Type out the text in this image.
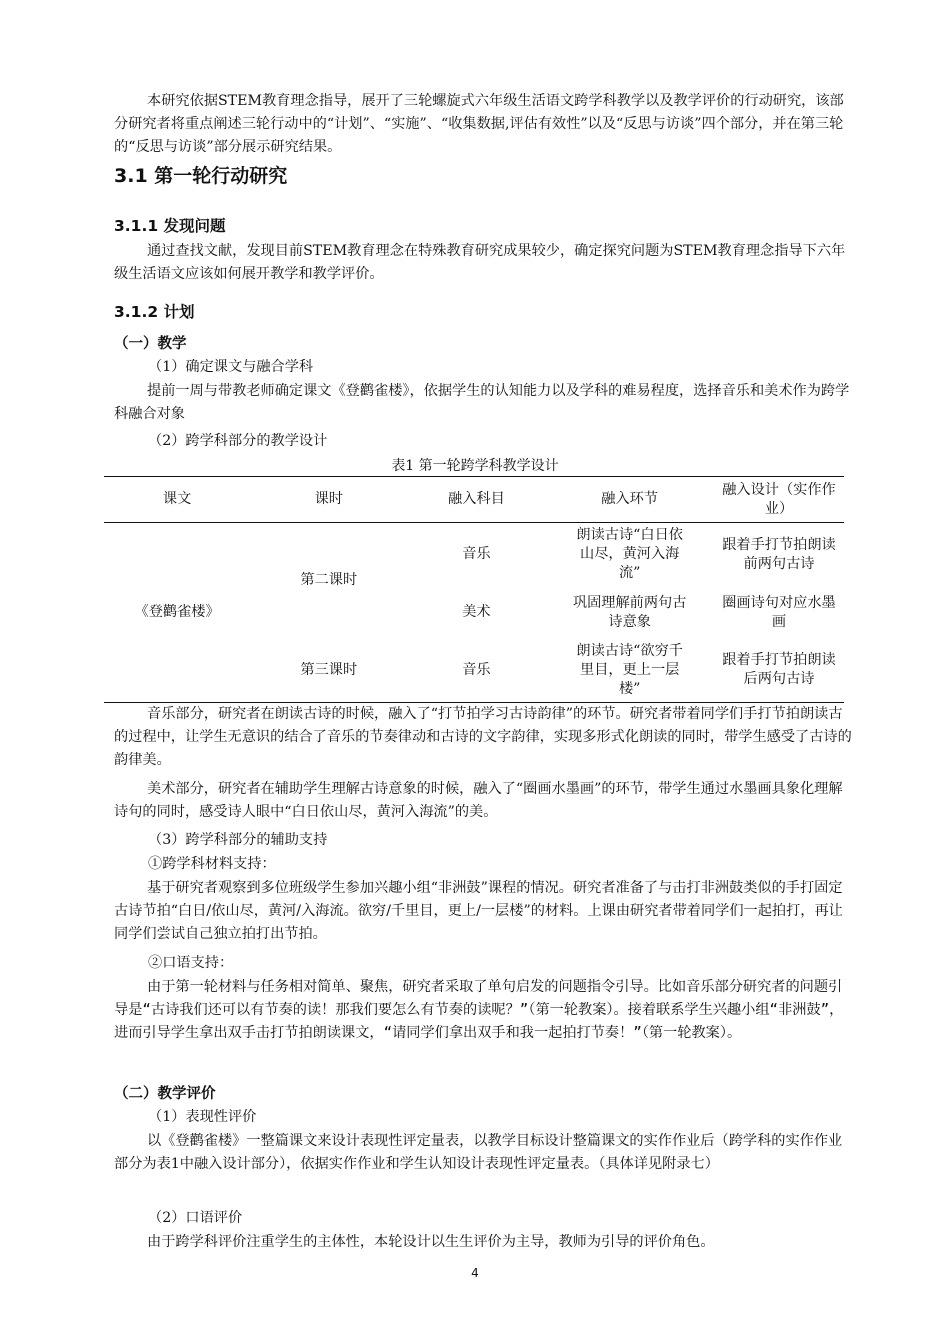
本研究依据STEM教育理念指导，展开了三轮螺旋式六年级生活语文跨学科教学以及教学评价的行动研究，该部分研究者将重点阐述三轮行动中的“计划”、“实施”、“收集数据,评估有效性”以及“反思与访谈”四个部分，并在第三轮的“反思与访谈”部分展示研究结果。

3.1 第一轮行动研究
3.1.1 发现问题

通过查找文献，发现目前STEM教育理念在特殊教育研究成果较少，确定探究问题为STEM教育理念指导下六年级生活语文应该如何展开教学和教学评价。

3.1.2 计划
（一）教学

（1）确定课文与融合学科

提前一周与带教老师确定课文《登鹳雀楼》，依据学生的认知能力以及学科的难易程度，选择音乐和美术作为跨学科融合对象

（2）跨学科部分的教学设计

表1 第一轮跨学科教学设计

课文	课时	融入科目	融入环节	融入设计（实作作业）
《登鹳雀楼》	第二课时	音乐	朗读古诗“白日依山尽，黄河入海流”	跟着手打节拍朗读前两句古诗
		美术	巩固理解前两句古诗意象	圈画诗句对应水墨画
	第三课时	音乐	朗读古诗“欲穷千里目，更上一层楼”	跟着手打节拍朗读后两句古诗

音乐部分，研究者在朗读古诗的时候，融入了“打节拍学习古诗韵律”的环节。研究者带着同学们手打节拍朗读古的过程中，让学生无意识的结合了音乐的节奏律动和古诗的文字韵律，实现多形式化朗读的同时，带学生感受了古诗的韵律美。

美术部分，研究者在辅助学生理解古诗意象的时候，融入了“圈画水墨画”的环节，带学生通过水墨画具象化理解诗句的同时，感受诗人眼中“白日依山尽，黄河入海流”的美。

（3）跨学科部分的辅助支持

①跨学科材料支持：

基于研究者观察到多位班级学生参加兴趣小组“非洲鼓”课程的情况。研究者准备了与击打非洲鼓类似的手打固定古诗节拍“白日/依山尽，黄河/入海流。欲穷/千里目，更上/一层楼”的材料。上课由研究者带着同学们一起拍打，再让同学们尝试自己独立拍打出节拍。

②口语支持：

由于第一轮材料与任务相对简单、聚焦，研究者采取了单句启发的问题指令引导。比如音乐部分研究者的问题引导是“古诗我们还可以有节奏的读！那我们要怎么有节奏的读呢？”（第一轮教案）。接着联系学生兴趣小组“非洲鼓”，进而引导学生拿出双手击打节拍朗读课文，“请同学们拿出双手和我一起拍打节奏！”（第一轮教案）。

（二）教学评价

（1）表现性评价

以《登鹳雀楼》一整篇课文来设计表现性评定量表，以教学目标设计整篇课文的实作作业后（跨学科的实作作业部分为表1中融入设计部分），依据实作作业和学生认知设计表现性评定量表。（具体详见附录七）

（2）口语评价

由于跨学科评价注重学生的主体性，本轮设计以生生评价为主导，教师为引导的评价角色。

4
